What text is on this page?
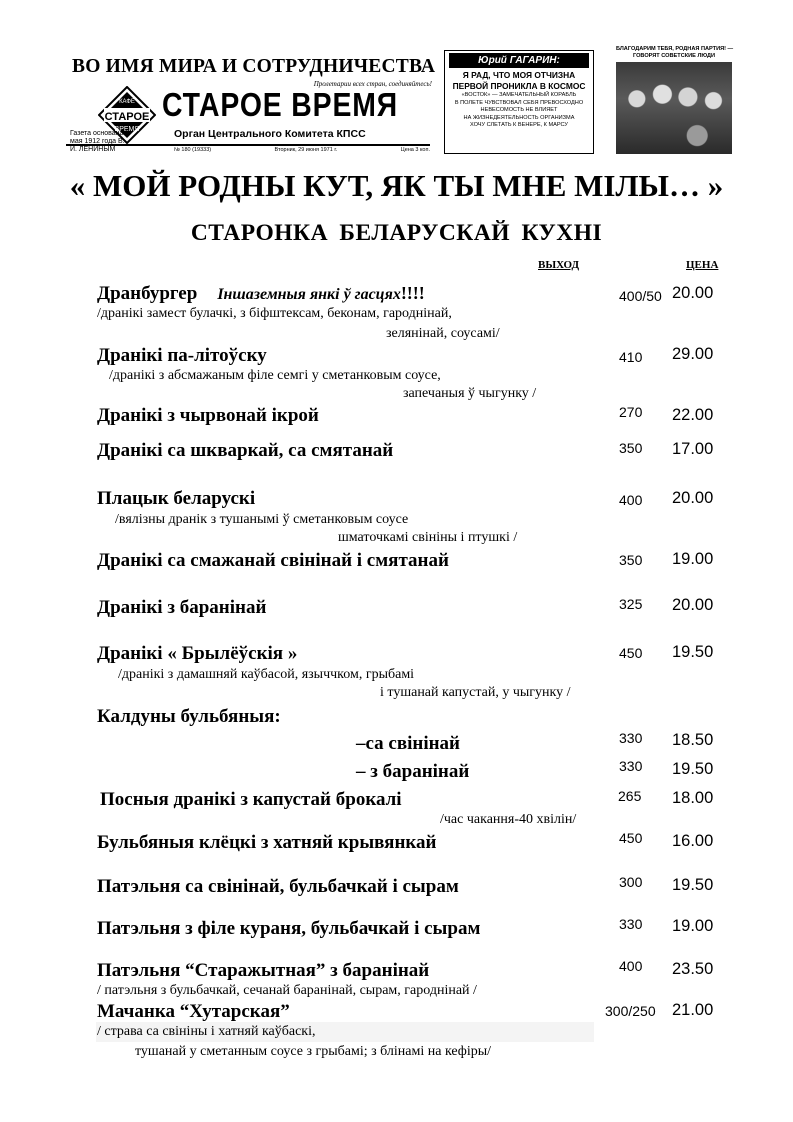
ВО ИМЯ МИРА И СОТРУДНИЧЕСТВА
Пролетарии всех стран, соединяйтесь!
КАФЕ
СТАРОЕ
ВРЕМЯ
СТАРОЕ ВРЕМЯ
Орган Центрального Комитета КПСС
Газета основана 5 мая 1912 года В. И. ЛЕНИНЫМ	№ 180 (19333)	Вторник, 29 июня 1971 г.	Цена 3 коп.
Юрий ГАГАРИН:
Я РАД, ЧТО МОЯ ОТЧИЗНА
ПЕРВОЙ ПРОНИКЛА В КОСМОС
«ВОСТОК» — ЗАМЕЧАТЕЛЬНЫЙ КОРАБЛЬ
В ПОЛЕТЕ ЧУВСТВОВАЛ СЕБЯ ПРЕВОСХОДНО
НЕВЕСОМОСТЬ НЕ ВЛИЯЕТ
НА ЖИЗНЕДЕЯТЕЛЬНОСТЬ ОРГАНИЗМА
ХОЧУ СЛЕТАТЬ К ВЕНЕРЕ, К МАРСУ
БЛАГОДАРИМ ТЕБЯ, РОДНАЯ ПАРТИЯ! —
ГОВОРЯТ СОВЕТСКИЕ ЛЮДИ
« МОЙ РОДНЫ КУТ, ЯК ТЫ МНЕ МІЛЫ… »
СТАРОНКА БЕЛАРУСКАЙ КУХНІ
ВЫХОД	ЦЕНА
Дранбургер Іншаземныя янкі ў гасцях!!!!
/дранікі замест булачкі, з біфштексам, беконам, гароднінай,
зелянінай, соусамі/
400/50 20.00
Дранікі па-літоўску
/дранікі з абсмажаным філе семгі у сметанковым соусе,
запечаныя ў чыгунку /
410 29.00
Дранікі з чырвонай ікрой	270 22.00
Дранікі са шкваркай, са смятанай	350 17.00
Плацык беларускі
/вялізны дранік з тушанымі ў сметанковым соусе
шматочкамі свініны і птушкі /
400 20.00
Дранікі са смажанай свінінай і смятанай	350 19.00
Дранікі з баранінай	325 20.00
Дранікі « Брылёўскія »
/дранікі з дамашняй каўбасой, языччком, грыбамі
і тушанай капустай, у чыгунку /
450 19.50
Калдуны бульбяныя:
–са свінінай	330 18.50
– з баранінай	330 19.50
Посныя дранікі з капустай брокалі
/час чакання-40 хвілін/
265 18.00
Бульбяныя клёцкі з хатняй крывянкай	450 16.00
Патэльня са свінінай, бульбачкай і сырам	300 19.50
Патэльня з філе кураня, бульбачкай і сырам	330 19.00
Патэльня “Старажытная” з баранінай
/ патэльня з бульбачкай, сечанай баранінай, сырам, гароднінай /
400 23.50
Мачанка “Хутарская”
/ страва са свініны і хатняй каўбаскі,
тушанай у сметанным соусе з грыбамі; з блінамі на кефіры/
300/250 21.00
